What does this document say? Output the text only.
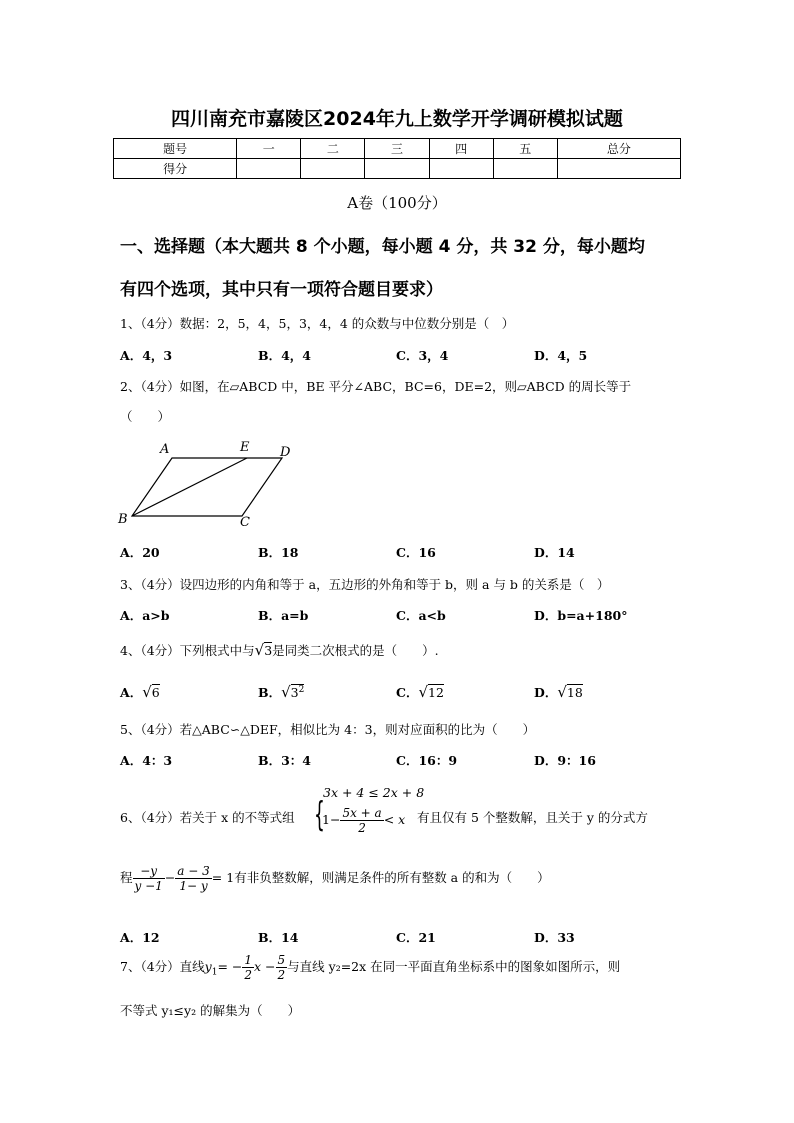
四川南充市嘉陵区2024年九上数学开学调研模拟试题
题号	一	二	三	四	五	总分
得分						
A卷（100分）
一、选择题（本大题共 8 个小题，每小题 4 分，共 32 分，每小题均
有四个选项，其中只有一项符合题目要求）
1、（4分）数据：2，5，4，5，3，4，4 的众数与中位数分别是（　）
A．4，3	B．4，4	C．3，4	D．4，5
2、（4分）如图，在▱ABCD 中，BE 平分∠ABC，BC=6，DE=2，则▱ABCD 的周长等于
（　　）
A	E D
B	C
A．20	B．18	C．16	D．14
3、（4分）设四边形的内角和等于 a，五边形的外角和等于 b，则 a 与 b 的关系是（　）
A．a>b	B．a=b	C．a<b	D．b=a+180°
4、（4分）下列根式中与√3是同类二次根式的是（　　）.
A．√6	B．$√3^2$	C．√12	D．√18
5、（4分）若△ABC∽△DEF，相似比为 4：3，则对应面积的比为（　　）
A．4：3	B．3：4	C．16：9	D．9：16
6、（4分）若关于 x 的不等式组 {
3x + 4 ≤ 2x + 8
$1- \frac{5x + a}{2} < x$ 有且仅有 5 个整数解，且关于 y 的分式方
程 $\frac{-y}{y -1} - \frac{a - 3}{1- y} = 1$有非负整数解，则满足条件的所有整数 a 的和为（　　）
A．12	B．14	C．21	D．33
7、（4分）直线$y_1= - \frac{1}{2}$ $x - \frac{5}{2}$ 与直线 y₂=2x 在同一平面直角坐标系中的图象如图所示，则
不等式 y₁≤y₂ 的解集为（　　）
